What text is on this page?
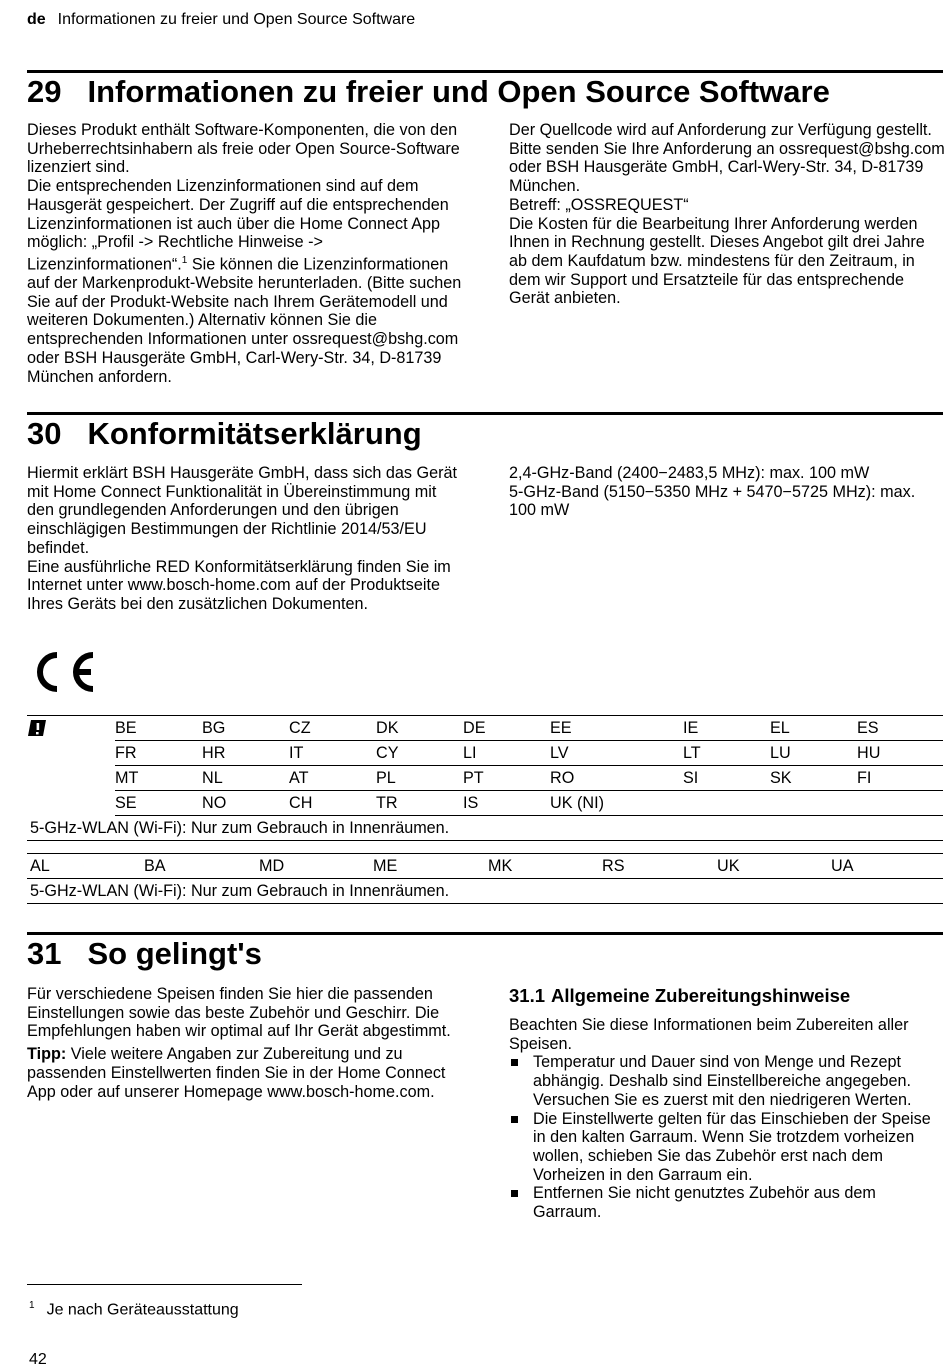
de Informationen zu freier und Open Source Software
29 Informationen zu freier und Open Source Software

Dieses Produkt enthält Software-Komponenten, die von den Urheberrechtsinhabern als freie oder Open Source-Software lizenziert sind.

Die entsprechenden Lizenzinformationen sind auf dem Hausgerät gespeichert. Der Zugriff auf die entsprechenden Lizenzinformationen ist auch über die Home Connect App möglich: „Profil -> Rechtliche Hinweise -> Lizenzinformationen“.$^1$ Sie können die Lizenzinformationen auf der Markenprodukt-Website herunterladen. (Bitte suchen Sie auf der Produkt-Website nach Ihrem Gerätemodell und weiteren Dokumenten.) Alternativ können Sie die entsprechenden Informationen unter ossrequest@bshg.com oder BSH Hausgeräte GmbH, Carl-Wery-Str. 34, D-81739 München anfordern.

Der Quellcode wird auf Anforderung zur Verfügung gestellt.

Bitte senden Sie Ihre Anforderung an ossrequest@bshg.com oder BSH Hausgeräte GmbH, Carl-Wery-Str. 34, D-81739 München.

Betreff: „OSSREQUEST“

Die Kosten für die Bearbeitung Ihrer Anforderung werden Ihnen in Rechnung gestellt. Dieses Angebot gilt drei Jahre ab dem Kaufdatum bzw. mindestens für den Zeitraum, in dem wir Support und Ersatzteile für das entsprechende Gerät anbieten.

30 Konformitätserklärung

Hiermit erklärt BSH Hausgeräte GmbH, dass sich das Gerät mit Home Connect Funktionalität in Übereinstimmung mit den grundlegenden Anforderungen und den übrigen einschlägigen Bestimmungen der Richtlinie 2014/53/EU befindet.

Eine ausführliche RED Konformitätserklärung finden Sie im Internet unter www.bosch-home.com auf der Produktseite Ihres Geräts bei den zusätzlichen Dokumenten.

2,4-GHz-Band (2400−2483,5 MHz): max. 100 mW

5-GHz-Band (5150−5350 MHz + 5470−5725 MHz): max. 100 mW

	BE	BG	CZ	DK	DE	EE	IE	EL	ES
	FR	HR	IT	CY	LI	LV	LT	LU	HU
	MT	NL	AT	PL	PT	RO	SI	SK	FI
	SE	NO	CH	TR	IS	UK (NI)			
5-GHz-WLAN (Wi-Fi): Nur zum Gebrauch in Innenräumen.									
AL	BA	MD	ME	MK	RS	UK	UA
5-GHz-WLAN (Wi-Fi): Nur zum Gebrauch in Innenräumen.
31 So gelingt's

Für verschiedene Speisen finden Sie hier die passenden Einstellungen sowie das beste Zubehör und Geschirr. Die Empfehlungen haben wir optimal auf Ihr Gerät abgestimmt.

Tipp: Viele weitere Angaben zur Zubereitung und zu passenden Einstellwerten finden Sie in der Home Connect App oder auf unserer Homepage www.bosch-home.com.

31.1 Allgemeine Zubereitungshinweise

Beachten Sie diese Informationen beim Zubereiten aller Speisen.

Temperatur und Dauer sind von Menge und Rezept abhängig. Deshalb sind Einstellbereiche angegeben. Versuchen Sie es zuerst mit den niedrigeren Werten.
Die Einstellwerte gelten für das Einschieben der Speise in den kalten Garraum. Wenn Sie trotzdem vorheizen wollen, schieben Sie das Zubehör erst nach dem Vorheizen in den Garraum ein.
Entfernen Sie nicht genutztes Zubehör aus dem Garraum.
$^1$ Je nach Geräteausstattung
42
